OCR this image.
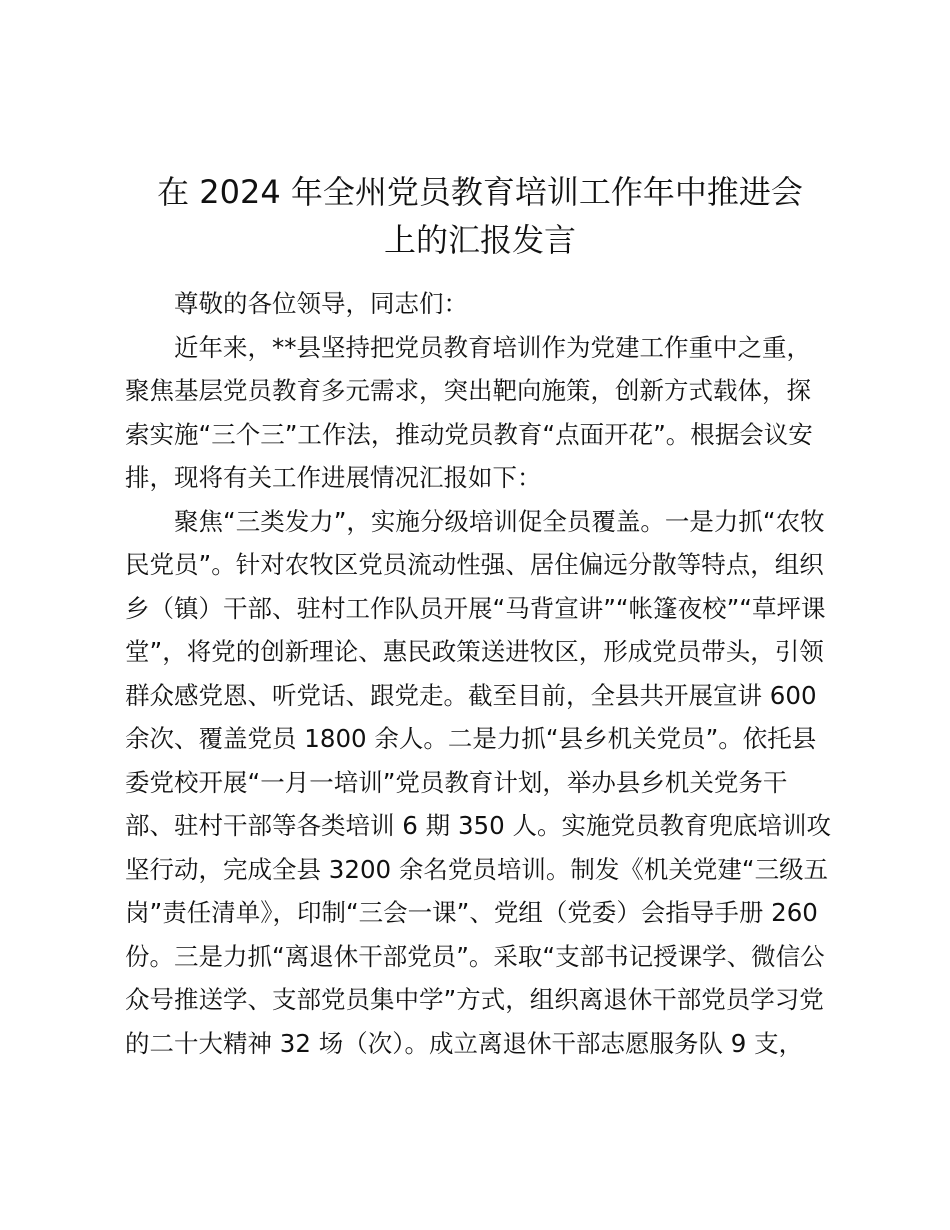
在 2024 年全州党员教育培训工作年中推进会
上的汇报发言
尊敬的各位领导，同志们：
近年来，**县坚持把党员教育培训作为党建工作重中之重，
聚焦基层党员教育多元需求，突出靶向施策，创新方式载体，探
索实施“三个三”工作法，推动党员教育“点面开花”。根据会议安
排，现将有关工作进展情况汇报如下：
聚焦“三类发力”，实施分级培训促全员覆盖。一是力抓“农牧
民党员”。针对农牧区党员流动性强、居住偏远分散等特点，组织
乡（镇）干部、驻村工作队员开展“马背宣讲”“帐篷夜校”“草坪课
堂”，将党的创新理论、惠民政策送进牧区，形成党员带头，引领
群众感党恩、听党话、跟党走。截至目前，全县共开展宣讲 600
余次、覆盖党员 1800 余人。二是力抓“县乡机关党员”。依托县
委党校开展“一月一培训”党员教育计划，举办县乡机关党务干
部、驻村干部等各类培训 6 期 350 人。实施党员教育兜底培训攻
坚行动，完成全县 3200 余名党员培训。制发《机关党建“三级五
岗”责任清单》，印制“三会一课”、党组（党委）会指导手册 260
份。三是力抓“离退休干部党员”。采取“支部书记授课学、微信公
众号推送学、支部党员集中学”方式，组织离退休干部党员学习党
的二十大精神 32 场（次）。成立离退休干部志愿服务队 9 支，
